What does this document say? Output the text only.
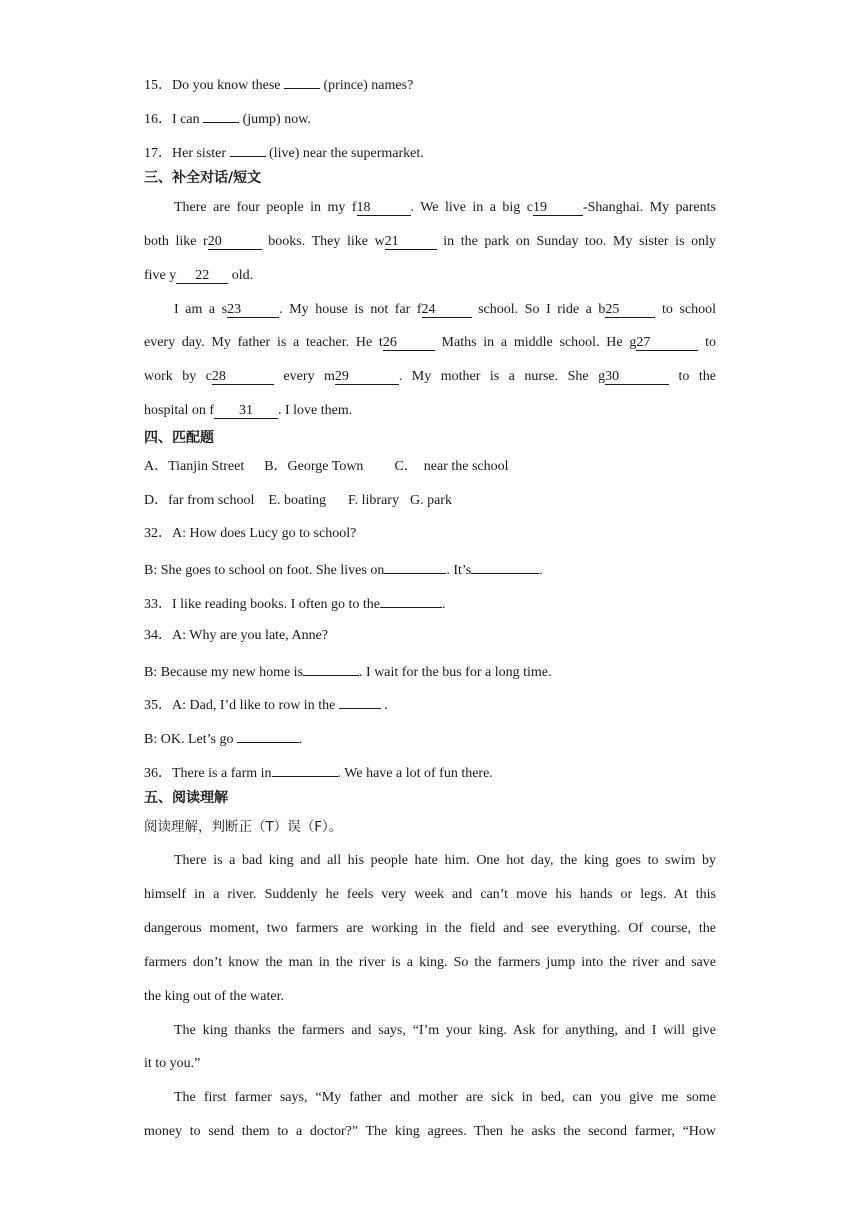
15．Do you know these	(prince) names?
16．I can	(jump) now.
17．Her sister	(live) near the supermarket.
三、补全对话/短文
There are four people in my f18	. We live in a big c19	-Shanghai. My parents
both like r20	books. They like w21	in the park on Sunday too. My sister is only
five y 22 old.
I am a s23	. My house is not far f24	school. So I ride a b25	to school
every day. My father is a teacher. He t26	Maths in a middle school. He g27	to
work by c28	every m29	. My mother is a nurse. She g30	to the
hospital on f 31 . I love them.
四、匹配题
A．Tianjin Street B．George Town C． near the school
D．far from school E. boating F. library G. park
32．A: How does Lucy go to school?
B: She goes to school on foot. She lives on	. It’s	.
33．I like reading books. I often go to the	.
34．A: Why are you late, Anne?
B: Because my new home is	. I wait for the bus for a long time.
35．A: Dad, I’d like to row in the	.
B: OK. Let’s go	.
36．There is a farm in	. We have a lot of fun there.
五、阅读理解
阅读理解，判断正（T）误（F）。
There is a bad king and all his people hate him. One hot day, the king goes to swim by
himself in a river. Suddenly he feels very week and can’t move his hands or legs. At this
dangerous moment, two farmers are working in the field and see everything. Of course, the
farmers don’t know the man in the river is a king. So the farmers jump into the river and save
the king out of the water.
The king thanks the farmers and says, “I’m your king. Ask for anything, and I will give
it to you.”
The first farmer says, “My father and mother are sick in bed, can you give me some
money to send them to a doctor?” The king agrees. Then he asks the second farmer, “How
